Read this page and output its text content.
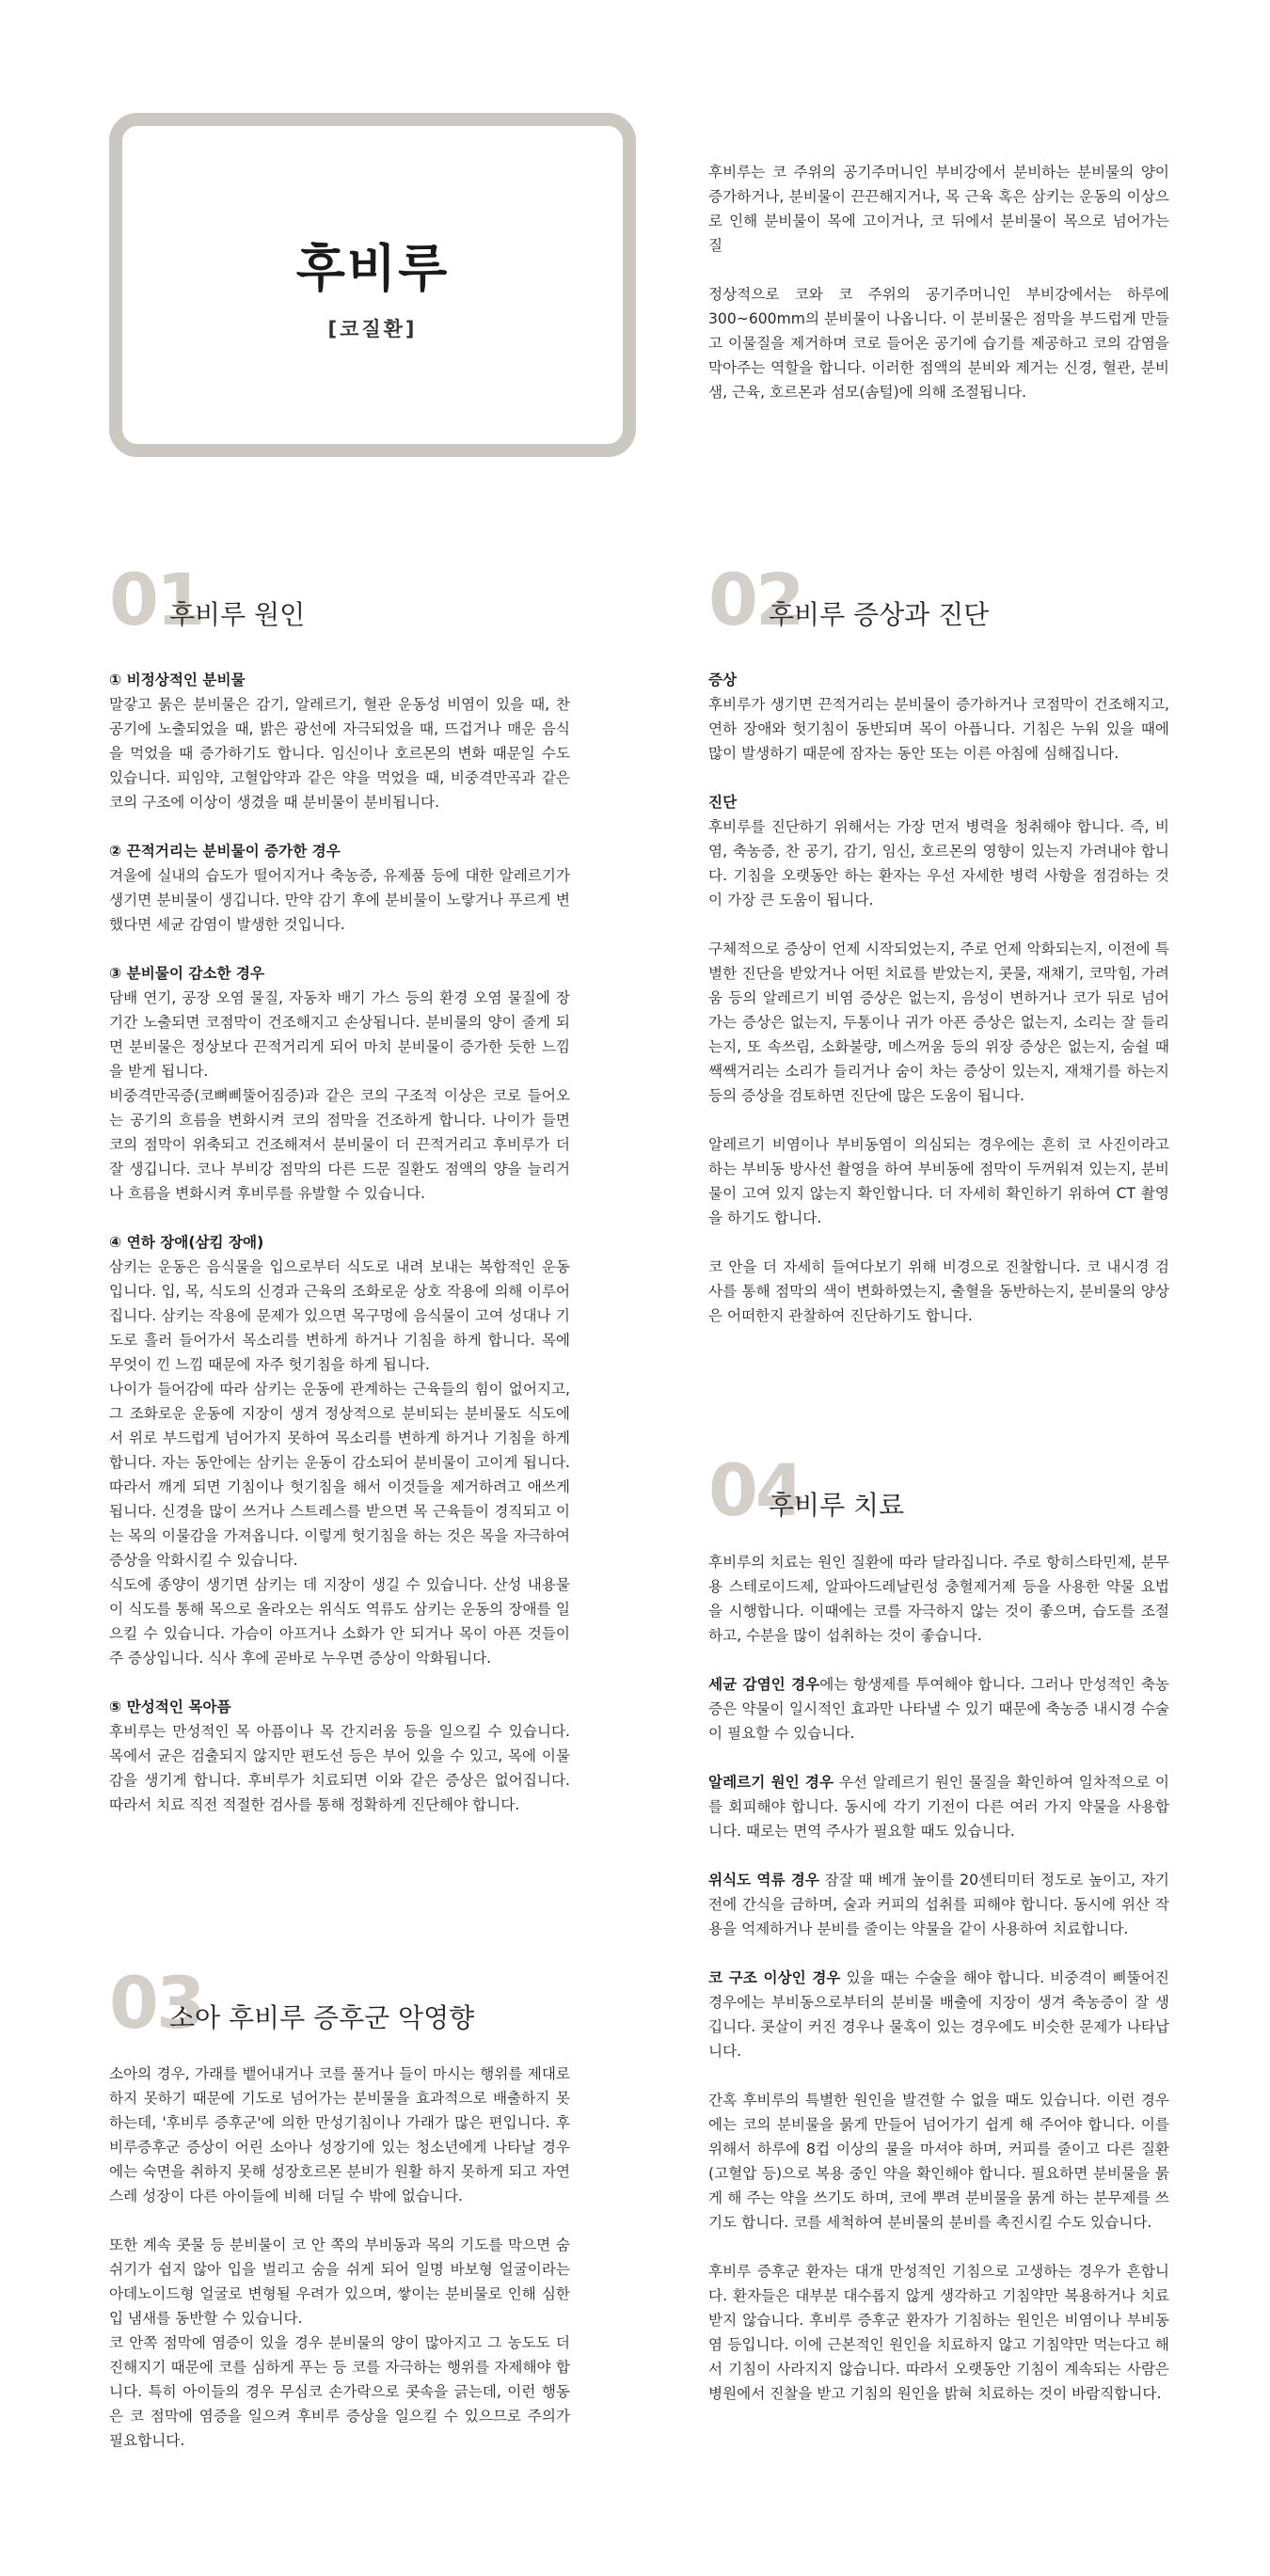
후비루
[코질환]

후비루는 코 주위의 공기주머니인 부비강에서 분비하는 분비물의 양이 증가하거나, 분비물이 끈끈해지거나, 목 근육 혹은 삼키는 운동의 이상으로 인해 분비물이 목에 고이거나, 코 뒤에서 분비물이 목으로 넘어가는 질

정상적으로 코와 코 주위의 공기주머니인 부비강에서는 하루에 300~600mm의 분비물이 나옵니다. 이 분비물은 점막을 부드럽게 만들고 이물질을 제거하며 코로 들어온 공기에 습기를 제공하고 코의 감염을 막아주는 역할을 합니다. 이러한 점액의 분비와 제거는 신경, 혈관, 분비샘, 근육, 호르몬과 섬모(솜털)에 의해 조절됩니다.

01
후비루 원인

① 비정상적인 분비물

말갛고 묽은 분비물은 감기, 알레르기, 혈관 운동성 비염이 있을 때, 찬 공기에 노출되었을 때, 밝은 광선에 자극되었을 때, 뜨겁거나 매운 음식을 먹었을 때 증가하기도 합니다. 임신이나 호르몬의 변화 때문일 수도 있습니다. 피임약, 고혈압약과 같은 약을 먹었을 때, 비중격만곡과 같은 코의 구조에 이상이 생겼을 때 분비물이 분비됩니다.

② 끈적거리는 분비물이 증가한 경우

겨울에 실내의 습도가 떨어지거나 축농증, 유제품 등에 대한 알레르기가 생기면 분비물이 생깁니다. 만약 감기 후에 분비물이 노랗거나 푸르게 변했다면 세균 감염이 발생한 것입니다.

③ 분비물이 감소한 경우

담배 연기, 공장 오염 물질, 자동차 배기 가스 등의 환경 오염 물질에 장기간 노출되면 코점막이 건조해지고 손상됩니다. 분비물의 양이 줄게 되면 분비물은 정상보다 끈적거리게 되어 마치 분비물이 증가한 듯한 느낌을 받게 됩니다.
비중격만곡증(코뼈삐뚤어짐증)과 같은 코의 구조적 이상은 코로 들어오는 공기의 흐름을 변화시켜 코의 점막을 건조하게 합니다. 나이가 들면 코의 점막이 위축되고 건조해져서 분비물이 더 끈적거리고 후비루가 더 잘 생깁니다. 코나 부비강 점막의 다른 드문 질환도 점액의 양을 늘리거나 흐름을 변화시켜 후비루를 유발할 수 있습니다.

④ 연하 장애(삼킴 장애)

삼키는 운동은 음식물을 입으로부터 식도로 내려 보내는 복합적인 운동입니다. 입, 목, 식도의 신경과 근육의 조화로운 상호 작용에 의해 이루어집니다. 삼키는 작용에 문제가 있으면 목구멍에 음식물이 고여 성대나 기도로 흘러 들어가서 목소리를 변하게 하거나 기침을 하게 합니다. 목에 무엇이 낀 느낌 때문에 자주 헛기침을 하게 됩니다.
나이가 들어감에 따라 삼키는 운동에 관계하는 근육들의 힘이 없어지고, 그 조화로운 운동에 지장이 생겨 정상적으로 분비되는 분비물도 식도에서 위로 부드럽게 넘어가지 못하여 목소리를 변하게 하거나 기침을 하게 합니다. 자는 동안에는 삼키는 운동이 감소되어 분비물이 고이게 됩니다. 따라서 깨게 되면 기침이나 헛기침을 해서 이것들을 제거하려고 애쓰게 됩니다. 신경을 많이 쓰거나 스트레스를 받으면 목 근육들이 경직되고 이는 목의 이물감을 가져옵니다. 이렇게 헛기침을 하는 것은 목을 자극하여 증상을 악화시킬 수 있습니다.
식도에 종양이 생기면 삼키는 데 지장이 생길 수 있습니다. 산성 내용물이 식도를 통해 목으로 올라오는 위식도 역류도 삼키는 운동의 장애를 일으킬 수 있습니다. 가슴이 아프거나 소화가 안 되거나 목이 아픈 것들이 주 증상입니다. 식사 후에 곧바로 누우면 증상이 악화됩니다.

⑤ 만성적인 목아픔

후비루는 만성적인 목 아픔이나 목 간지러움 등을 일으킬 수 있습니다. 목에서 균은 검출되지 않지만 편도선 등은 부어 있을 수 있고, 목에 이물감을 생기게 합니다. 후비루가 치료되면 이와 같은 증상은 없어집니다. 따라서 치료 직전 적절한 검사를 통해 정확하게 진단해야 합니다.

02
후비루 증상과 진단

증상

후비루가 생기면 끈적거리는 분비물이 증가하거나 코점막이 건조해지고, 연하 장애와 헛기침이 동반되며 목이 아픕니다. 기침은 누워 있을 때에 많이 발생하기 때문에 잠자는 동안 또는 이른 아침에 심해집니다.

진단

후비루를 진단하기 위해서는 가장 먼저 병력을 청취해야 합니다. 즉, 비염, 축농증, 찬 공기, 감기, 임신, 호르몬의 영향이 있는지 가려내야 합니다. 기침을 오랫동안 하는 환자는 우선 자세한 병력 사항을 점검하는 것이 가장 큰 도움이 됩니다.

구체적으로 증상이 언제 시작되었는지, 주로 언제 악화되는지, 이전에 특별한 진단을 받았거나 어떤 치료를 받았는지, 콧물, 재채기, 코막힘, 가려움 등의 알레르기 비염 증상은 없는지, 음성이 변하거나 코가 뒤로 넘어가는 증상은 없는지, 두통이나 귀가 아픈 증상은 없는지, 소리는 잘 들리는지, 또 속쓰림, 소화불량, 메스꺼움 등의 위장 증상은 없는지, 숨쉴 때 쌕쌕거리는 소리가 들리거나 숨이 차는 증상이 있는지, 재채기를 하는지 등의 증상을 검토하면 진단에 많은 도움이 됩니다.

알레르기 비염이나 부비동염이 의심되는 경우에는 흔히 코 사진이라고 하는 부비동 방사선 촬영을 하여 부비동에 점막이 두꺼워져 있는지, 분비물이 고여 있지 않는지 확인합니다. 더 자세히 확인하기 위하여 CT 촬영을 하기도 합니다.

코 안을 더 자세히 들여다보기 위해 비경으로 진찰합니다. 코 내시경 검사를 통해 점막의 색이 변화하였는지, 출혈을 동반하는지, 분비물의 양상은 어떠한지 관찰하여 진단하기도 합니다.

03
소아 후비루 증후군 악영향

소아의 경우, 가래를 뱉어내거나 코를 풀거나 들이 마시는 행위를 제대로 하지 못하기 때문에 기도로 넘어가는 분비물을 효과적으로 배출하지 못하는데, '후비루 증후군'에 의한 만성기침이나 가래가 많은 편입니다. 후비루증후군 증상이 어린 소아나 성장기에 있는 청소년에게 나타날 경우에는 숙면을 취하지 못해 성장호르몬 분비가 원활 하지 못하게 되고 자연스레 성장이 다른 아이들에 비해 더딜 수 밖에 없습니다.

또한 계속 콧물 등 분비물이 코 안 쪽의 부비동과 목의 기도를 막으면 숨쉬기가 쉽지 않아 입을 벌리고 숨을 쉬게 되어 일명 바보형 얼굴이라는 아데노이드형 얼굴로 변형될 우려가 있으며, 쌓이는 분비물로 인해 심한 입 냄새를 동반할 수 있습니다.
코 안쪽 점막에 염증이 있을 경우 분비물의 양이 많아지고 그 농도도 더 진해지기 때문에 코를 심하게 푸는 등 코를 자극하는 행위를 자제해야 합니다. 특히 아이들의 경우 무심코 손가락으로 콧속을 긁는데, 이런 행동은 코 점막에 염증을 일으켜 후비루 증상을 일으킬 수 있으므로 주의가 필요합니다.

04
후비루 치료

후비루의 치료는 원인 질환에 따라 달라집니다. 주로 항히스타민제, 분무용 스테로이드제, 알파아드레날린성 충혈제거제 등을 사용한 약물 요법을 시행합니다. 이때에는 코를 자극하지 않는 것이 좋으며, 습도를 조절하고, 수분을 많이 섭취하는 것이 좋습니다.

세균 감염인 경우에는 항생제를 투여해야 합니다. 그러나 만성적인 축농증은 약물이 일시적인 효과만 나타낼 수 있기 때문에 축농증 내시경 수술이 필요할 수 있습니다.

알레르기 원인 경우 우선 알레르기 원인 물질을 확인하여 일차적으로 이를 회피해야 합니다. 동시에 각기 기전이 다른 여러 가지 약물을 사용합니다. 때로는 면역 주사가 필요할 때도 있습니다.

위식도 역류 경우 잠잘 때 베개 높이를 20센티미터 정도로 높이고, 자기 전에 간식을 금하며, 술과 커피의 섭취를 피해야 합니다. 동시에 위산 작용을 억제하거나 분비를 줄이는 약물을 같이 사용하여 치료합니다.

코 구조 이상인 경우 있을 때는 수술을 해야 합니다. 비중격이 삐뚤어진 경우에는 부비동으로부터의 분비물 배출에 지장이 생겨 축농증이 잘 생깁니다. 콧살이 커진 경우나 물혹이 있는 경우에도 비슷한 문제가 나타납니다.

간혹 후비루의 특별한 원인을 발견할 수 없을 때도 있습니다. 이런 경우에는 코의 분비물을 묽게 만들어 넘어가기 쉽게 해 주어야 합니다. 이를 위해서 하루에 8컵 이상의 물을 마셔야 하며, 커피를 줄이고 다른 질환(고혈압 등)으로 복용 중인 약을 확인해야 합니다. 필요하면 분비물을 묽게 해 주는 약을 쓰기도 하며, 코에 뿌려 분비물을 묽게 하는 분무제를 쓰기도 합니다. 코를 세척하여 분비물의 분비를 촉진시킬 수도 있습니다.

후비루 증후군 환자는 대개 만성적인 기침으로 고생하는 경우가 흔합니다. 환자들은 대부분 대수롭지 않게 생각하고 기침약만 복용하거나 치료받지 않습니다. 후비루 증후군 환자가 기침하는 원인은 비염이나 부비동염 등입니다. 이에 근본적인 원인을 치료하지 않고 기침약만 먹는다고 해서 기침이 사라지지 않습니다. 따라서 오랫동안 기침이 계속되는 사람은 병원에서 진찰을 받고 기침의 원인을 밝혀 치료하는 것이 바람직합니다.
